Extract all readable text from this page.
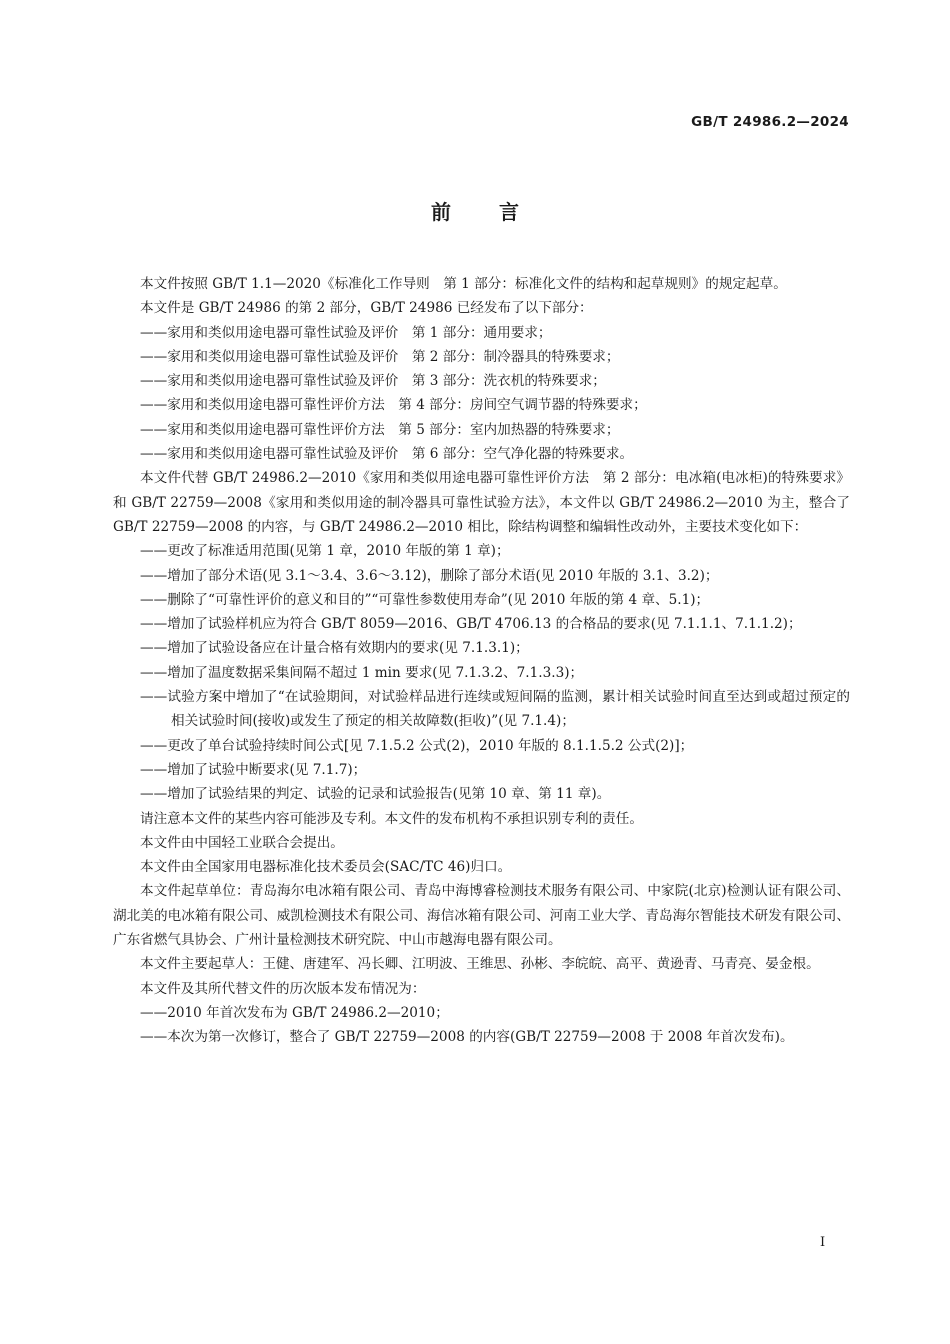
GB/T 24986.2—2024
前言

本文件按照 GB/T 1.1—2020《标准化工作导则　第 1 部分：标准化文件的结构和起草规则》的规定起草。

本文件是 GB/T 24986 的第 2 部分，GB/T 24986 已经发布了以下部分：

——家用和类似用途电器可靠性试验及评价　第 1 部分：通用要求；

——家用和类似用途电器可靠性试验及评价　第 2 部分：制冷器具的特殊要求；

——家用和类似用途电器可靠性试验及评价　第 3 部分：洗衣机的特殊要求；

——家用和类似用途电器可靠性评价方法　第 4 部分：房间空气调节器的特殊要求；

——家用和类似用途电器可靠性评价方法　第 5 部分：室内加热器的特殊要求；

——家用和类似用途电器可靠性试验及评价　第 6 部分：空气净化器的特殊要求。

本文件代替 GB/T 24986.2—2010《家用和类似用途电器可靠性评价方法　第 2 部分：电冰箱(电冰柜)的特殊要求》和 GB/T 22759—2008《家用和类似用途的制冷器具可靠性试验方法》，本文件以 GB/T 24986.2—2010 为主，整合了 GB/T 22759—2008 的内容，与 GB/T 24986.2—2010 相比，除结构调整和编辑性改动外，主要技术变化如下：

——更改了标准适用范围(见第 1 章，2010 年版的第 1 章)；

——增加了部分术语(见 3.1～3.4、3.6～3.12)，删除了部分术语(见 2010 年版的 3.1、3.2)；

——删除了“可靠性评价的意义和目的”“可靠性参数使用寿命”(见 2010 年版的第 4 章、5.1)；

——增加了试验样机应为符合 GB/T 8059—2016、GB/T 4706.13 的合格品的要求(见 7.1.1.1、7.1.1.2)；

——增加了试验设备应在计量合格有效期内的要求(见 7.1.3.1)；

——增加了温度数据采集间隔不超过 1 min 要求(见 7.1.3.2、7.1.3.3)；

——试验方案中增加了“在试验期间，对试验样品进行连续或短间隔的监测，累计相关试验时间直至达到或超过预定的相关试验时间(接收)或发生了预定的相关故障数(拒收)”(见 7.1.4)；

——更改了单台试验持续时间公式[见 7.1.5.2 公式(2)，2010 年版的 8.1.1.5.2 公式(2)]；

——增加了试验中断要求(见 7.1.7)；

——增加了试验结果的判定、试验的记录和试验报告(见第 10 章、第 11 章)。

请注意本文件的某些内容可能涉及专利。本文件的发布机构不承担识别专利的责任。

本文件由中国轻工业联合会提出。

本文件由全国家用电器标准化技术委员会(SAC/TC 46)归口。

本文件起草单位：青岛海尔电冰箱有限公司、青岛中海博睿检测技术服务有限公司、中家院(北京)检测认证有限公司、湖北美的电冰箱有限公司、威凯检测技术有限公司、海信冰箱有限公司、河南工业大学、青岛海尔智能技术研发有限公司、广东省燃气具协会、广州计量检测技术研究院、中山市越海电器有限公司。

本文件主要起草人：王健、唐建军、冯长卿、江明波、王维思、孙彬、李皖皖、高平、黄逊青、马青亮、晏金根。

本文件及其所代替文件的历次版本发布情况为：

——2010 年首次发布为 GB/T 24986.2—2010；

——本次为第一次修订，整合了 GB/T 22759—2008 的内容(GB/T 22759—2008 于 2008 年首次发布)。

I
